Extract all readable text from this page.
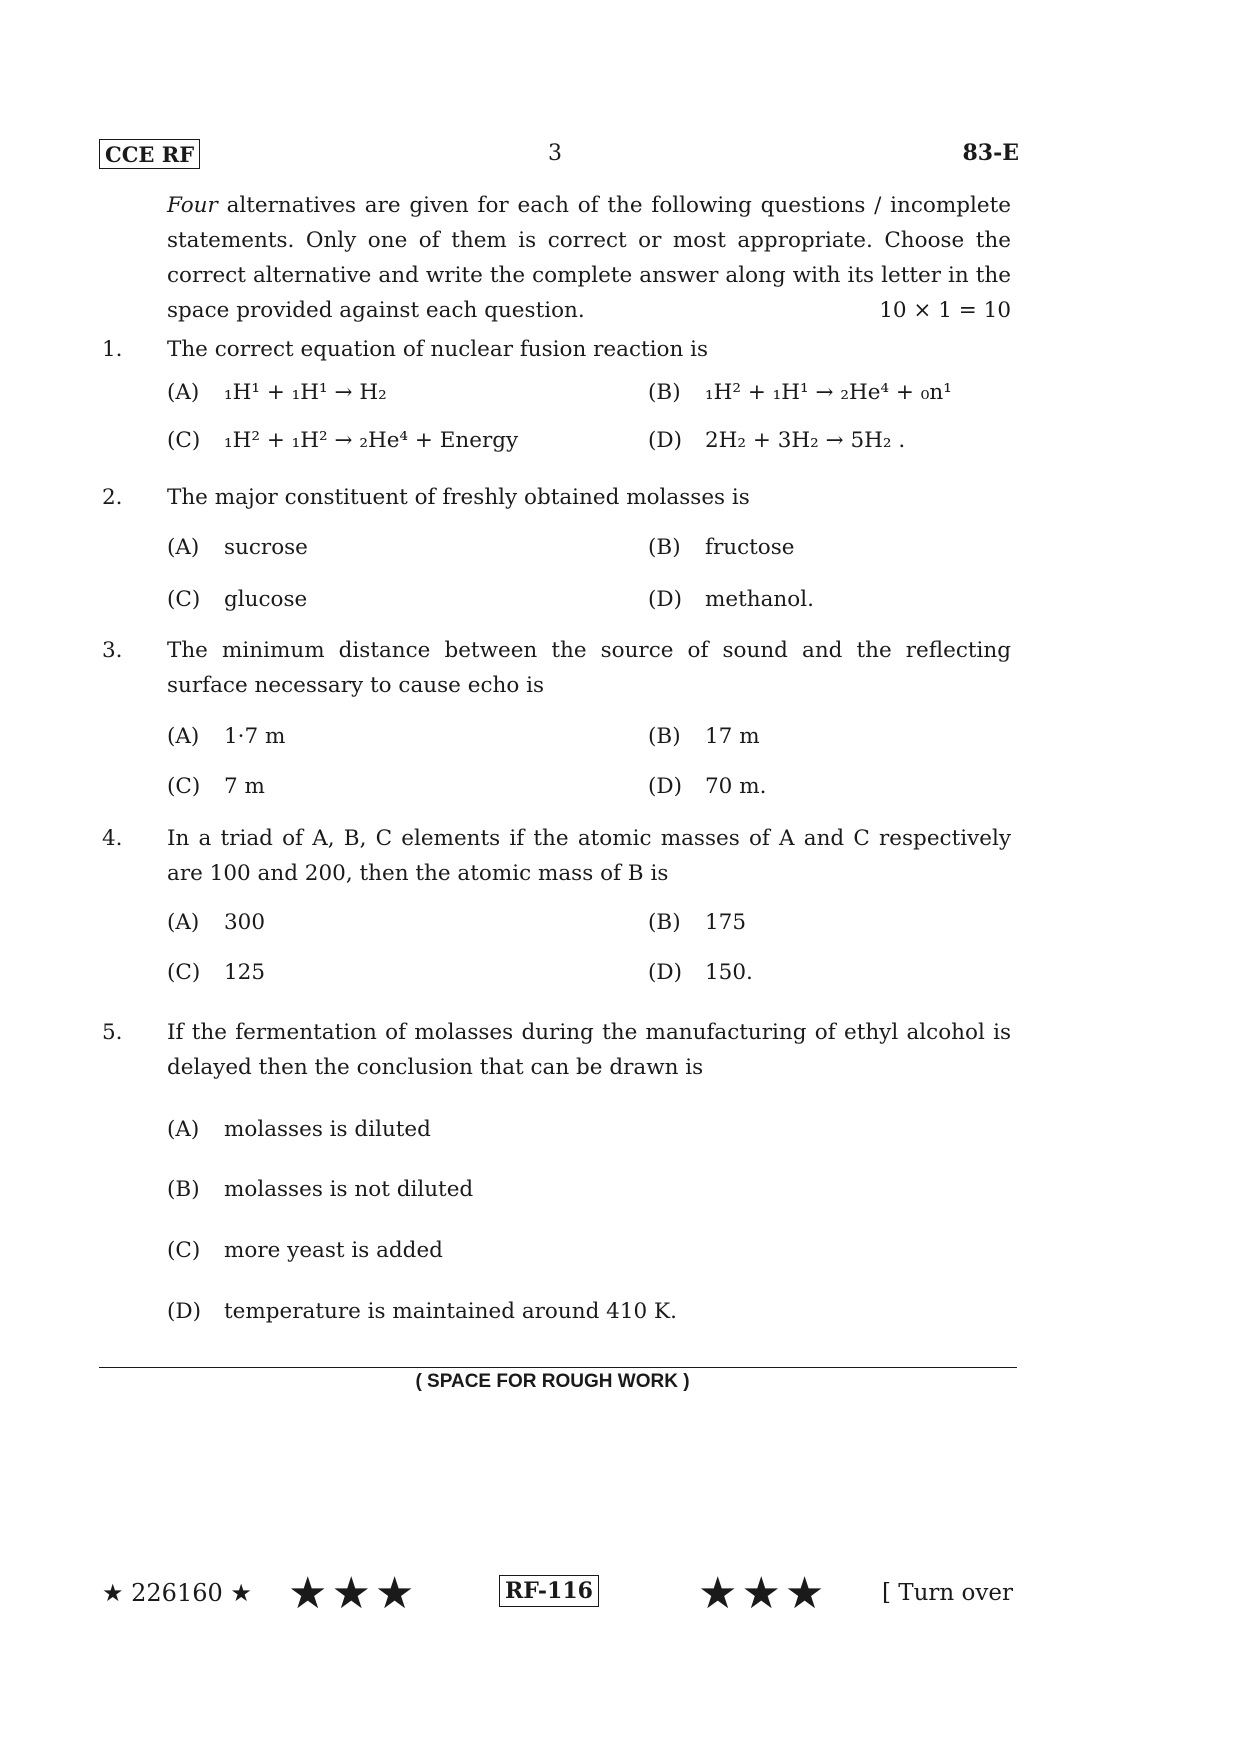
CCE RF	3	83-E
Four alternatives are given for each of the following questions / incomplete statements. Only one of them is correct or most appropriate. Choose the correct alternative and write the complete answer along with its letter in the space provided against each question.	10 × 1 = 10
1. The correct equation of nuclear fusion reaction is
(A) ₁H¹ + ₁H¹ → H₂	(B) ₁H² + ₁H¹ → ₂He⁴ + ₀n¹
(C) ₁H² + ₁H² → ₂He⁴ + Energy	(D) 2H₂ + 3H₂ → 5H₂ .
2. The major constituent of freshly obtained molasses is
(A) sucrose	(B) fructose
(C) glucose	(D) methanol.
3. The minimum distance between the source of sound and the reflecting surface necessary to cause echo is
(A) 1·7 m	(B) 17 m
(C) 7 m	(D) 70 m.
4. In a triad of A, B, C elements if the atomic masses of A and C respectively are 100 and 200, then the atomic mass of B is
(A) 300	(B) 175
(C) 125	(D) 150.
5. If the fermentation of molasses during the manufacturing of ethyl alcohol is delayed then the conclusion that can be drawn is
(A) molasses is diluted
(B) molasses is not diluted
(C) more yeast is added
(D) temperature is maintained around 410 K.
( SPACE FOR ROUGH WORK )
★ 226160 ★ ★★★	RF-116 ★★★ [ Turn over
